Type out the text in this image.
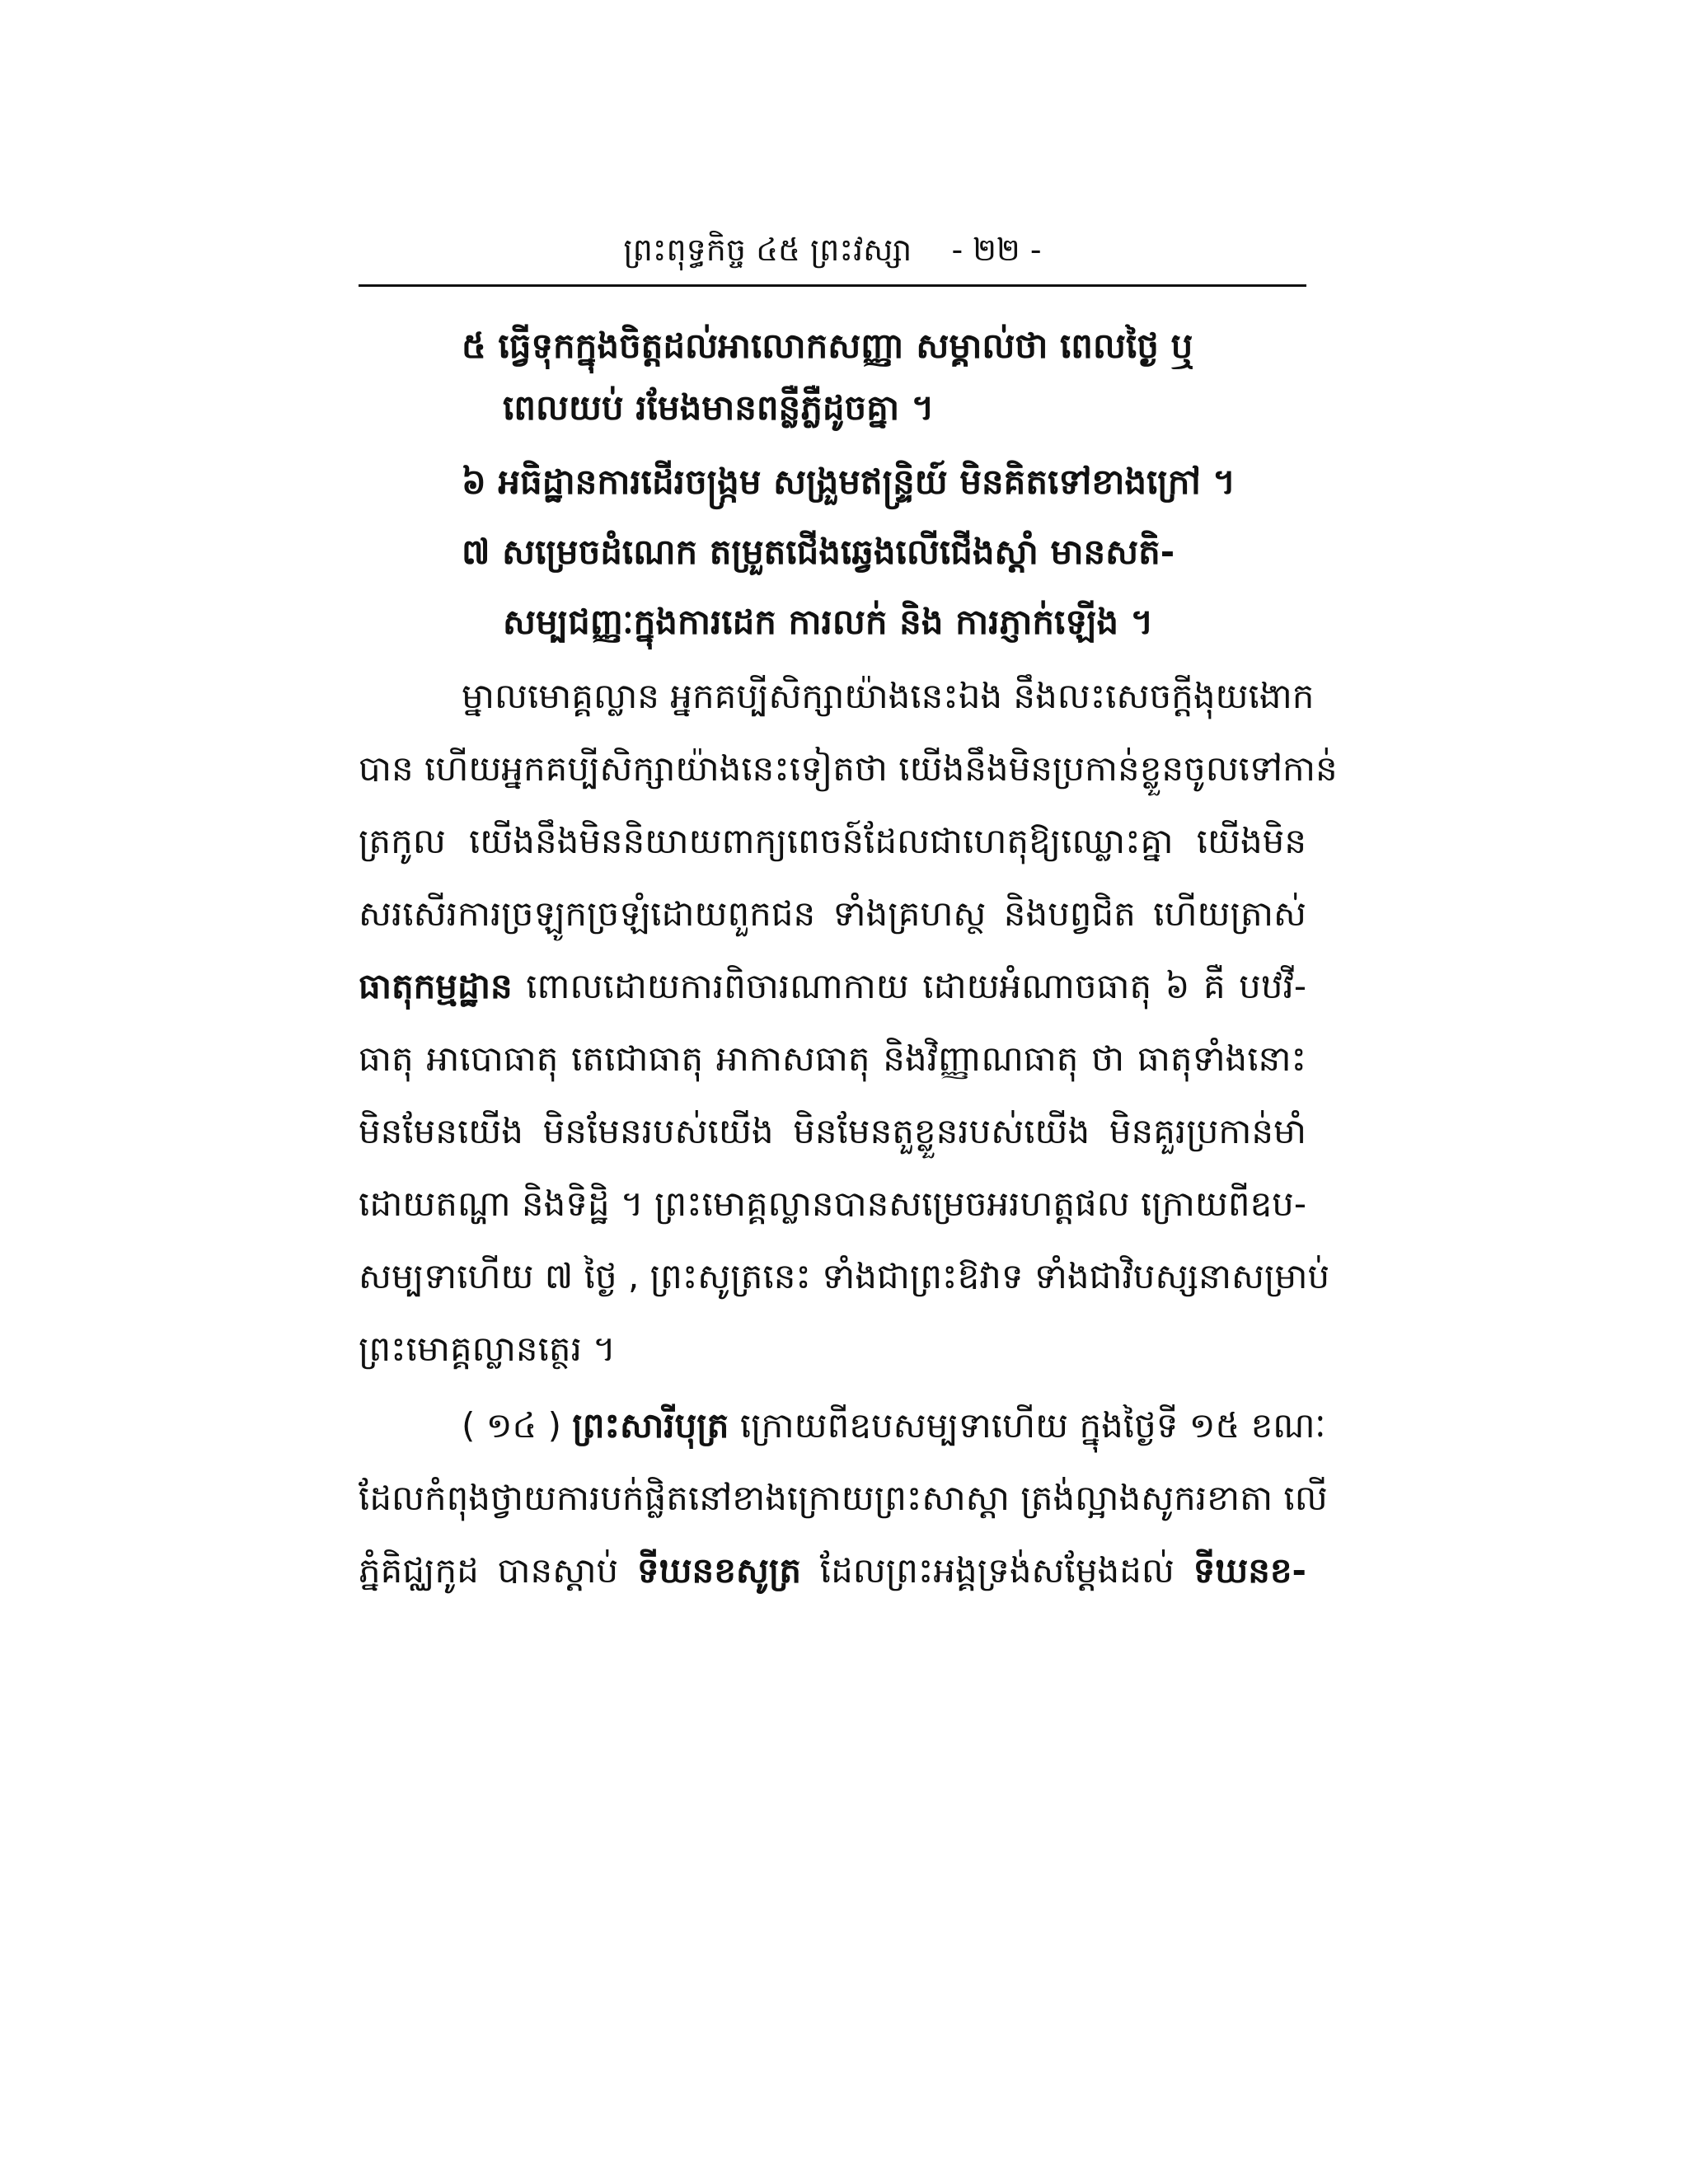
ព្រះពុទ្ធកិច្ច ៤៥ ព្រះវស្សា - ២២ -
៥ ធ្វើទុកក្នុងចិត្តដល់អាលោកសញ្ញា សម្គាល់ថា ពេលថ្ងៃ ឬ
ពេលយប់ រមែងមានពន្លឺភ្លឺដូចគ្នា ។
៦ អធិដ្ឋានការដើរចង្ក្រម សង្រួមឥន្ទ្រិយ៍ មិនគិតទៅខាងក្រៅ ។
៧ សម្រេចដំណេក តម្រួតជើងឆ្វេងលើជើងស្តាំ មានសតិ-
សម្បជញ្ញៈក្នុងការដេក ការលក់ និង ការភ្ញាក់ឡើង ។
ម្នាលមោគ្គល្លាន អ្នកគប្បីសិក្សាយ៉ាងនេះឯង នឹងលះសេចក្តីងុយងោក
បាន ហើយអ្នកគប្បីសិក្សាយ៉ាងនេះទៀតថា យើងនឹងមិនប្រកាន់ខ្លួនចូលទៅកាន់
ត្រកូល យើងនឹងមិននិយាយពាក្យពេចន៍ដែលជាហេតុឱ្យឈ្លោះគ្នា យើងមិន
សរសើរការច្រឡូកច្រឡំដោយពួកជន ទាំងគ្រហស្ថ និងបព្វជិត ហើយត្រាស់
ធាតុកម្មដ្ឋាន ពោលដោយការពិចារណាកាយ ដោយអំណាចធាតុ ៦ គឺ បឋវី-
ធាតុ អាបោធាតុ តេជោធាតុ អាកាសធាតុ និងវិញ្ញាណធាតុ ថា ធាតុទាំងនោះ
មិនមែនយើង មិនមែនរបស់យើង មិនមែនតួខ្លួនរបស់យើង មិនគួរប្រកាន់មាំ
ដោយតណ្ហា និងទិដ្ឋិ ។ ព្រះមោគ្គល្លានបានសម្រេចអរហត្តផល ក្រោយពីឧប-
សម្បទាហើយ ៧ ថ្ងៃ , ព្រះសូត្រនេះ ទាំងជាព្រះឱវាទ ទាំងជាវិបស្សនាសម្រាប់
ព្រះមោគ្គល្លានត្ថេរ ។
( ១៤ ) ព្រះសារីបុត្រ ក្រោយពីឧបសម្បទាហើយ ក្នុងថ្ងៃទី ១៥ ខណៈ
ដែលកំពុងថ្វាយការបក់ផ្លិតនៅខាងក្រោយព្រះសាស្តា ត្រង់ល្អាងសូករខាតា លើ
ភ្នំគិជ្ឈកូដ បានស្តាប់ ទីឃនខសូត្រ ដែលព្រះអង្គទ្រង់សម្តែងដល់ ទីឃនខ-
